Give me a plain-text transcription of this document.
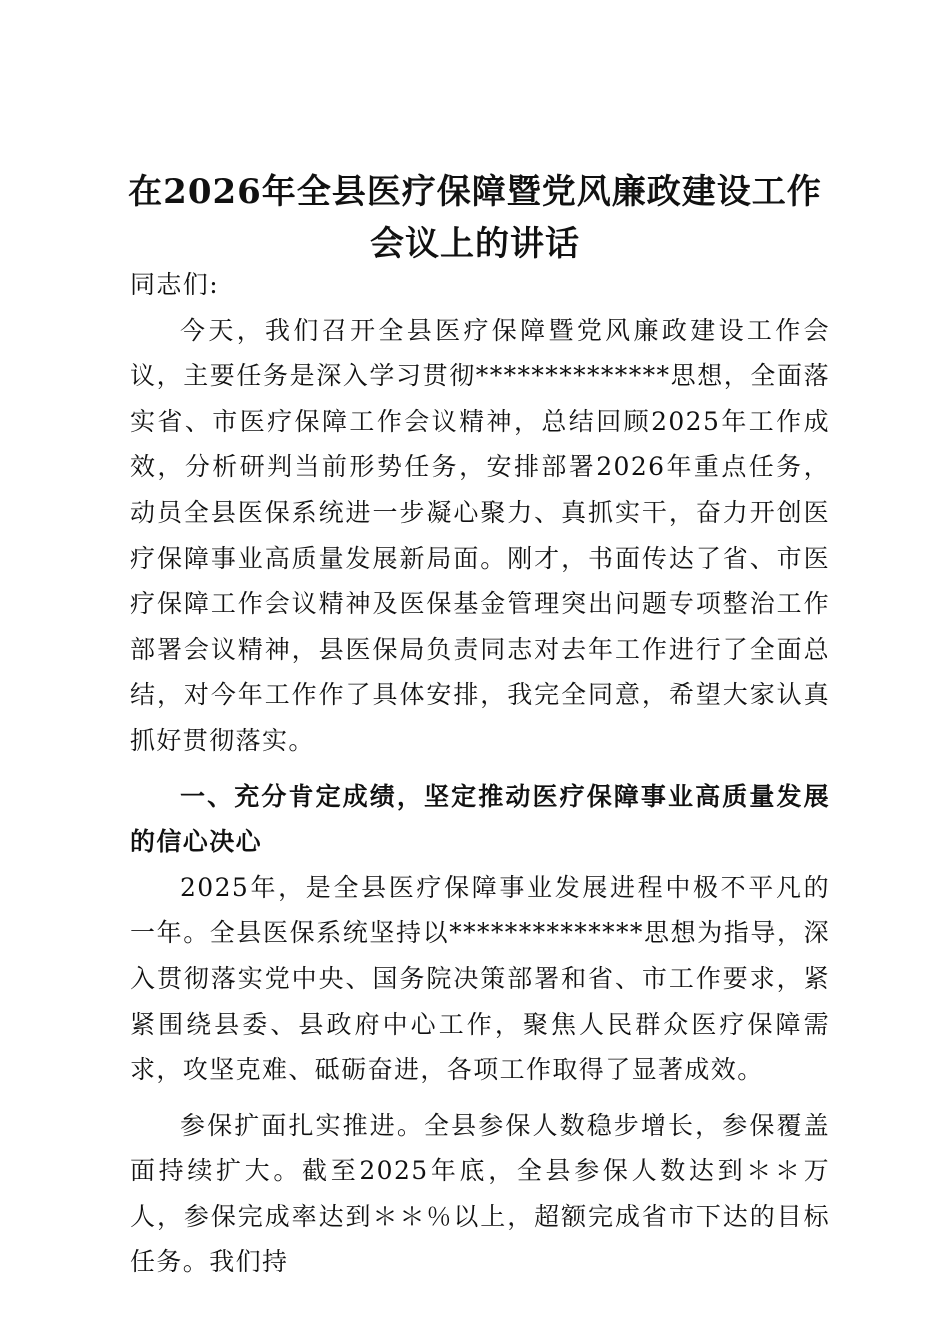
在2026年全县医疗保障暨党风廉政建设工作
会议上的讲话

同志们:

今天，我们召开全县医疗保障暨党风廉政建设工作会议，主要任务是深入学习贯彻**************思想，全面落实省、市医疗保障工作会议精神，总结回顾2025年工作成效，分析研判当前形势任务，安排部署2026年重点任务，动员全县医保系统进一步凝心聚力、真抓实干，奋力开创医疗保障事业高质量发展新局面。刚才，书面传达了省、市医疗保障工作会议精神及医保基金管理突出问题专项整治工作部署会议精神，县医保局负责同志对去年工作进行了全面总结，对今年工作作了具体安排，我完全同意，希望大家认真抓好贯彻落实。

一、充分肯定成绩，坚定推动医疗保障事业高质量发展的信心决心

2025年，是全县医疗保障事业发展进程中极不平凡的一年。全县医保系统坚持以**************思想为指导，深入贯彻落实党中央、国务院决策部署和省、市工作要求，紧紧围绕县委、县政府中心工作，聚焦人民群众医疗保障需求，攻坚克难、砥砺奋进，各项工作取得了显著成效。

参保扩面扎实推进。全县参保人数稳步增长，参保覆盖面持续扩大。截至2025年底，全县参保人数达到＊＊万人，参保完成率达到＊＊％以上，超额完成省市下达的目标任务。我们持
